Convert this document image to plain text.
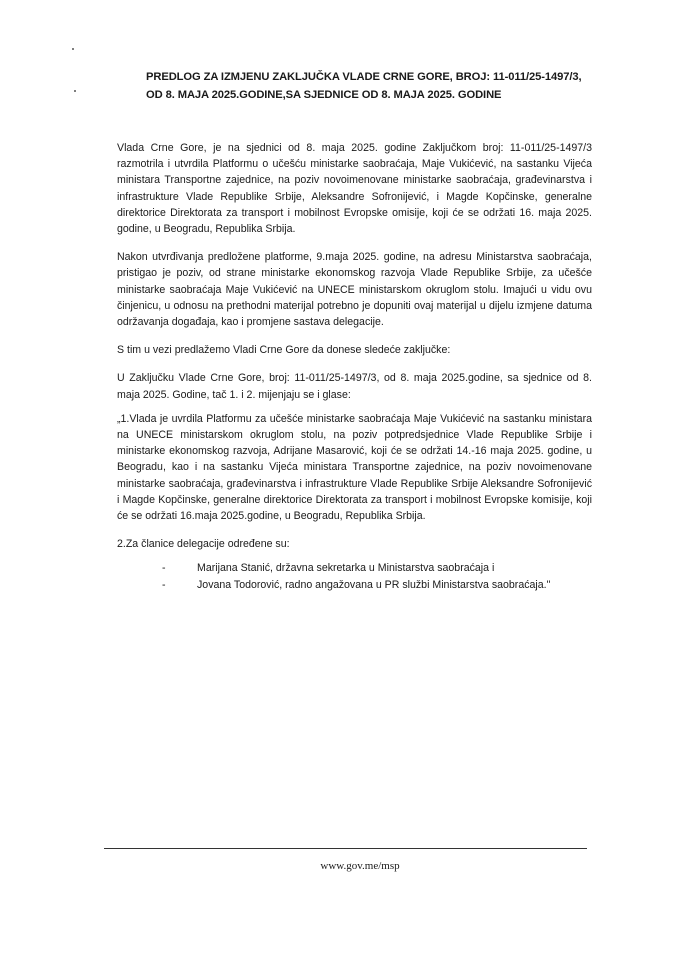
PREDLOG ZA IZMJENU ZAKLJUČKA VLADE CRNE GORE, BROJ: 11-011/25-1497/3,
OD 8. MAJA 2025.GODINE,SA SJEDNICE OD 8. MAJA 2025. GODINE

Vlada Crne Gore, je na sjednici od 8. maja 2025. godine Zaključkom broj: 11-011/25-1497/3 razmotrila i utvrdila Platformu o učešću ministarke saobraćaja, Maje Vukićević, na sastanku Vijeća ministara Transportne zajednice, na poziv novoimenovane ministarke saobraćaja, građevinarstva i infrastrukture Vlade Republike Srbije, Aleksandre Sofronijević, i Magde Kopčinske, generalne direktorice Direktorata za transport i mobilnost Evropske omisije, koji će se održati 16. maja 2025. godine, u Beogradu, Republika Srbija.

Nakon utvrđivanja predložene platforme, 9.maja 2025. godine, na adresu Ministarstva saobraćaja, pristigao je poziv, od strane ministarke ekonomskog razvoja Vlade Republike Srbije, za učešće ministarke saobraćaja Maje Vukićević na UNECE ministarskom okruglom stolu. Imajući u vidu ovu činjenicu, u odnosu na prethodni materijal potrebno je dopuniti ovaj materijal u dijelu izmjene datuma održavanja događaja, kao i promjene sastava delegacije.

S tim u vezi predlažemo Vladi Crne Gore da donese sledeće zaključke:

U Zaključku Vlade Crne Gore, broj: 11-011/25-1497/3, od 8. maja 2025.godine, sa sjednice od 8. maja 2025. Godine, tač 1. i 2. mijenjaju se i glase:

„1.Vlada je uvrdila Platformu za učešće ministarke saobraćaja Maje Vukićević na sastanku ministara na UNECE ministarskom okruglom stolu, na poziv potpredsjednice Vlade Republike Srbije i ministarke ekonomskog razvoja, Adrijane Masarović, koji će se održati 14.-16 maja 2025. godine, u Beogradu, kao i na sastanku Vijeća ministara Transportne zajednice, na poziv novoimenovane ministarke saobraćaja, građevinarstva i infrastrukture Vlade Republike Srbije Aleksandre Sofronijević i Magde Kopčinske, generalne direktorice Direktorata za transport i mobilnost Evropske komisije, koji će se održati 16.maja 2025.godine, u Beogradu, Republika Srbija.

2.Za članice delegacije određene su:

-	Marijana Stanić, državna sekretarka u Ministarstva saobraćaja i
-	Jovana Todorović, radno angažovana u PR službi Ministarstva saobraćaja."
www.gov.me/msp
